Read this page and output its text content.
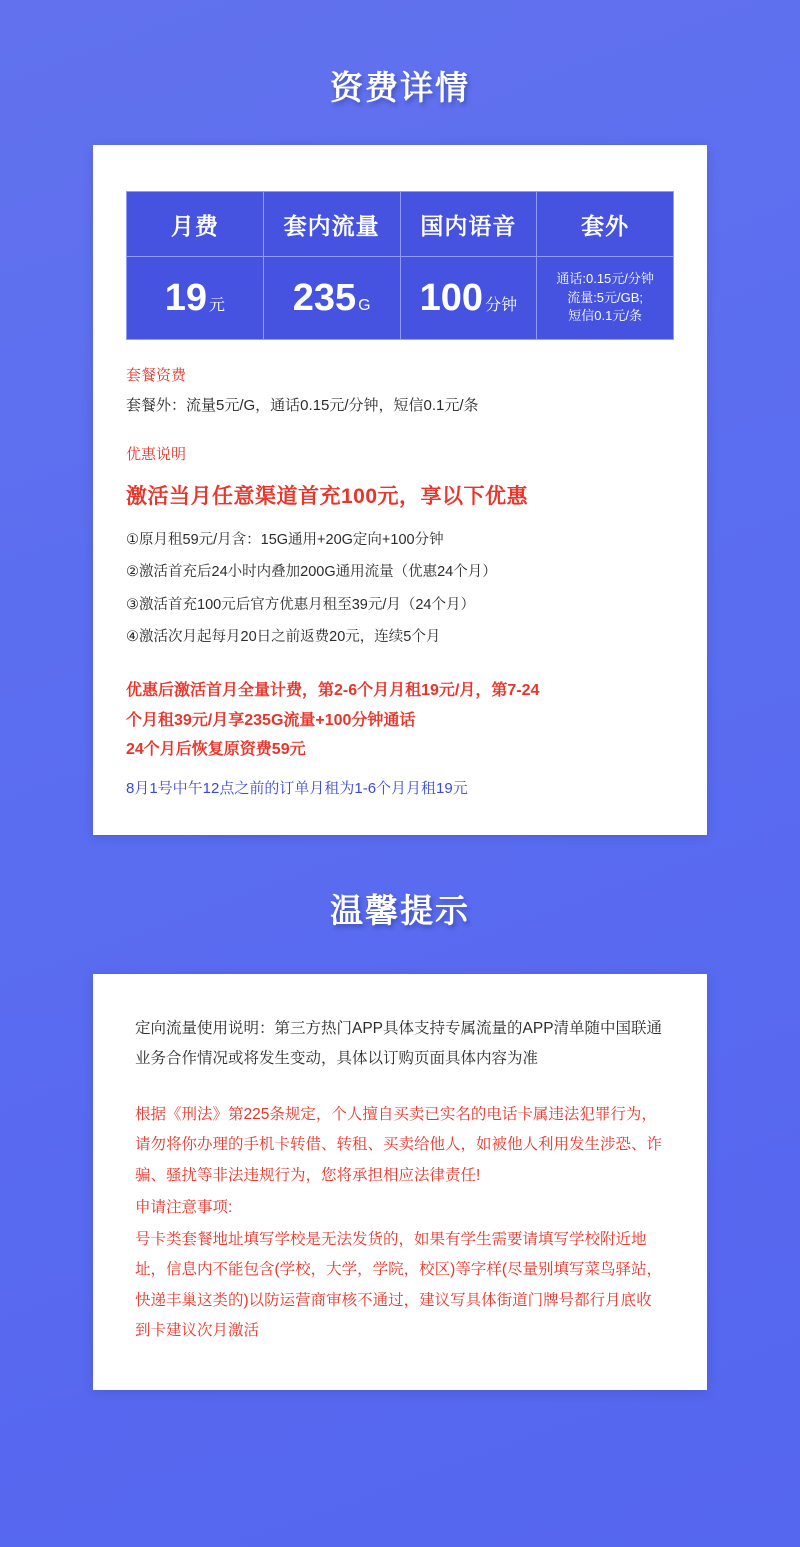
资费详情
月费	套内流量	国内语音	套外
19 元	235 G	100 分钟	通话:0.15元/分钟
流量:5元/GB;
短信0.1元/条
套餐资费
套餐外：流量5元/G，通话0.15元/分钟，短信0.1元/条
优惠说明
激活当月任意渠道首充100元，享以下优惠
①原月租59元/月含：15G通用+20G定向+100分钟
②激活首充后24小时内叠加200G通用流量（优惠24个月）
③激活首充100元后官方优惠月租至39元/月（24个月）
④激活次月起每月20日之前返费20元，连续5个月
优惠后激活首月全量计费，第2-6个月月租19元/月，第7-24
个月租39元/月享235G流量+100分钟通话
24个月后恢复原资费59元
8月1号中午12点之前的订单月租为1-6个月月租19元
温馨提示
定向流量使用说明：第三方热门APP具体支持专属流量的APP清单随中国联通业务合作情况或将发生变动，具体以订购页面具体内容为准
根据《刑法》第225条规定，个人擅自买卖已实名的电话卡属违法犯罪行为，请勿将你办理的手机卡转借、转租、买卖给他人，如被他人利用发生涉恐、诈骗、骚扰等非法违规行为，您将承担相应法律责任!
申请注意事项:
号卡类套餐地址填写学校是无法发货的，如果有学生需要请填写学校附近地址，信息内不能包含(学校，大学，学院，校区)等字样(尽量别填写菜鸟驿站，快递丰巢这类的)以防运营商审核不通过，建议写具体街道门牌号都行月底收到卡建议次月激活
